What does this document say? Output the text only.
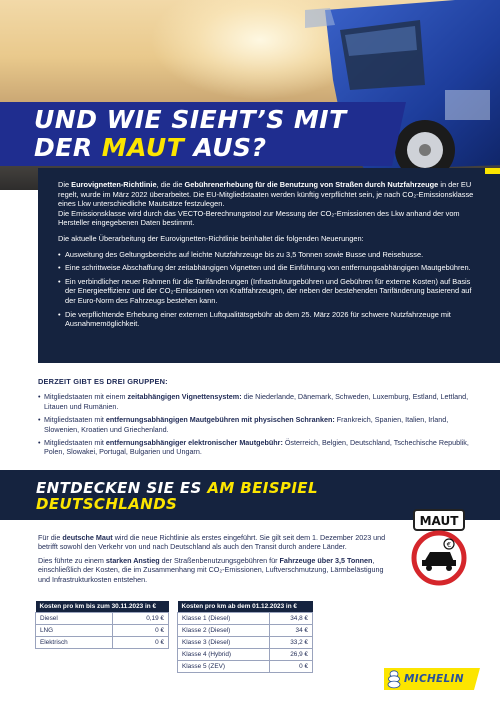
UND WIE SIEHT’S MIT
DER MAUT AUS?

Die Eurovignetten-Richtlinie, die die Gebührenerhebung für die Benutzung von Straßen durch Nutzfahrzeuge in der EU regelt, wurde im März 2022 überarbeitet. Die EU-Mitgliedstaaten werden künftig verpflichtet sein, je nach CO₂-Emissionsklasse eines Lkw unterschiedliche Mautsätze festzulegen.
Die Emissionsklasse wird durch das VECTO-Berechnungstool zur Messung der CO₂-Emissionen des Lkw anhand der vom Hersteller eingegebenen Daten bestimmt.

Die aktuelle Überarbeitung der Eurovignetten-Richtlinie beinhaltet die folgenden Neuerungen:

• Ausweitung des Geltungsbereichs auf leichte Nutzfahrzeuge bis zu 3,5 Tonnen sowie Busse und Reisebusse.
• Eine schrittweise Abschaffung der zeitabhängigen Vignetten und die Einführung von entfernungsabhängigen Mautgebühren.
• Ein verbindlicher neuer Rahmen für die Tarifänderungen (Infrastrukturgebühren und Gebühren für externe Kosten) auf Basis der Energieeffizienz und der CO₂-Emissionen von Kraftfahrzeugen, der neben der bestehenden Tarifänderung basierend auf der Euro-Norm des Fahrzeugs bestehen kann.
• Die verpflichtende Erhebung einer externen Luftqualitätsgebühr ab dem 25. März 2026 für schwere Nutzfahrzeuge mit Ausnahmemöglichkeit.
DERZEIT GIBT ES DREI GRUPPEN:
• Mitgliedstaaten mit einem zeitabhängigen Vignettensystem: die Niederlande, Dänemark, Schweden, Luxemburg, Estland, Lettland, Litauen und Rumänien.
• Mitgliedstaaten mit entfernungsabhängigen Mautgebühren mit physischen Schranken: Frankreich, Spanien, Italien, Irland, Slowenien, Kroatien und Griechenland.
• Mitgliedstaaten mit entfernungsabhängiger elektronischer Mautgebühr: Österreich, Belgien, Deutschland, Tschechische Republik, Polen, Slowakei, Portugal, Bulgarien und Ungarn.
ENTDECKEN SIE ES AM BEISPIEL
DEUTSCHLANDS

Für die deutsche Maut wird die neue Richtlinie als erstes eingeführt. Sie gilt seit dem 1. Dezember 2023 und betrifft sowohl den Verkehr von und nach Deutschland als auch den Transit durch andere Länder.

Dies führte zu einem starken Anstieg der Straßenbenutzungsgebühren für Fahrzeuge über 3,5 Tonnen, einschließlich der Kosten, die im Zusammenhang mit CO₂-Emissionen, Luftverschmutzung, Lärmbelästigung und Infrastrukturkosten entstehen.

MAUT
€
Kosten pro km bis zum 30.11.2023 in €	
Diesel	0,19 €
LNG	0 €
Elektrisch	0 €
Kosten pro km ab dem 01.12.2023 in €	
Klasse 1 (Diesel)	34,8 €
Klasse 2 (Diesel)	34 €
Klasse 3 (Diesel)	33,2 €
Klasse 4 (Hybrid)	26,9 €
Klasse 5 (ZEV)	0 €
MICHELIN
